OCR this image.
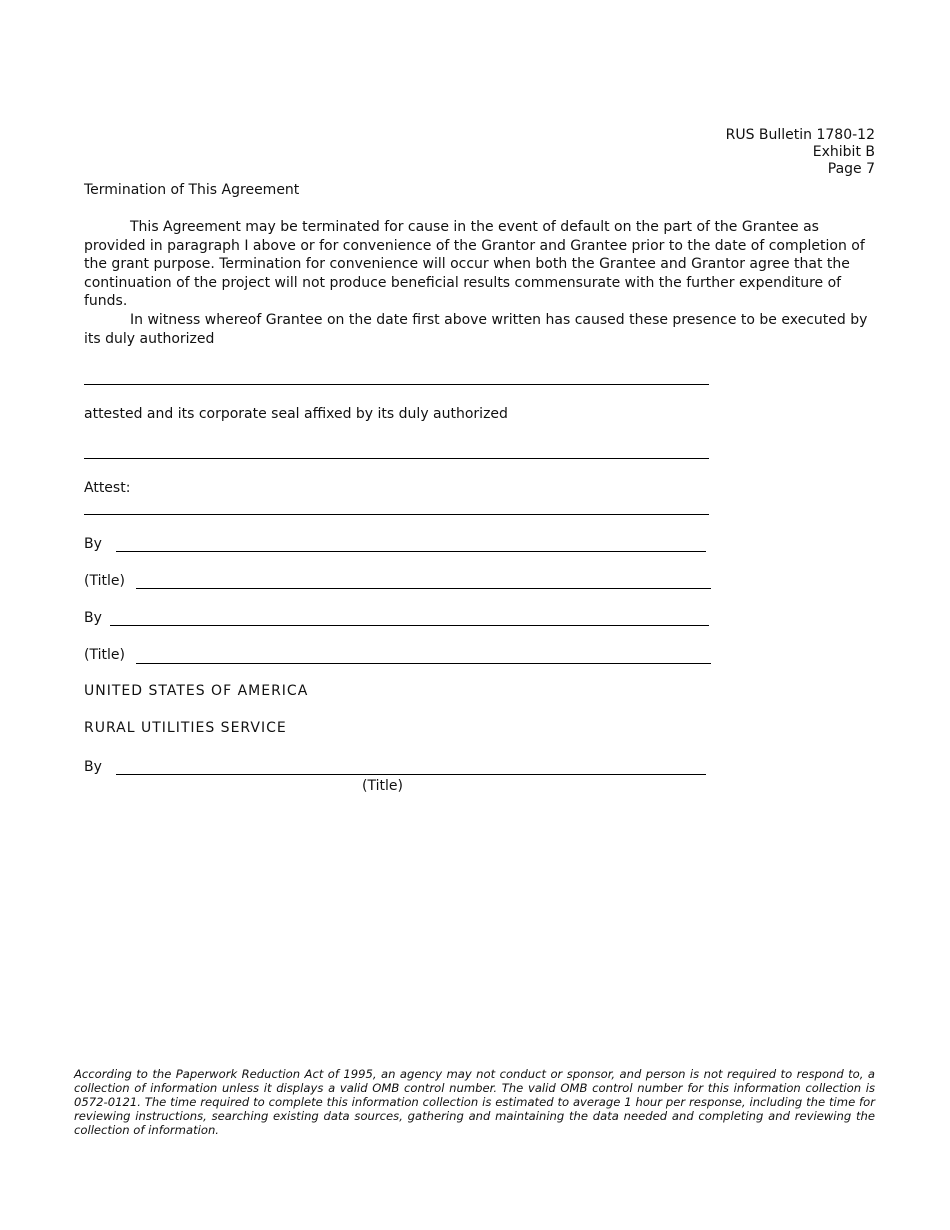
RUS Bulletin 1780-12
Exhibit B
Page 7
Termination of This Agreement
This Agreement may be terminated for cause in the event of default on the part of the Grantee as provided in paragraph I above or for convenience of the Grantor and Grantee prior to the date of completion of the grant purpose. Termination for convenience will occur when both the Grantee and Grantor agree that the continuation of the project will not produce beneficial results commensurate with the further expenditure of funds.
In witness whereof Grantee on the date first above written has caused these presence to be executed by its duly authorized
attested and its corporate seal affixed by its duly authorized
Attest:
By
(Title)
By
(Title)
UNITED STATES OF AMERICA
RURAL UTILITIES SERVICE
By
(Title)
According to the Paperwork Reduction Act of 1995, an agency may not conduct or sponsor, and person is not required to respond to, a collection of information unless it displays a valid OMB control number. The valid OMB control number for this information collection is 0572-0121. The time required to complete this information collection is estimated to average 1 hour per response, including the time for reviewing instructions, searching existing data sources, gathering and maintaining the data needed and completing and reviewing the collection of information.
